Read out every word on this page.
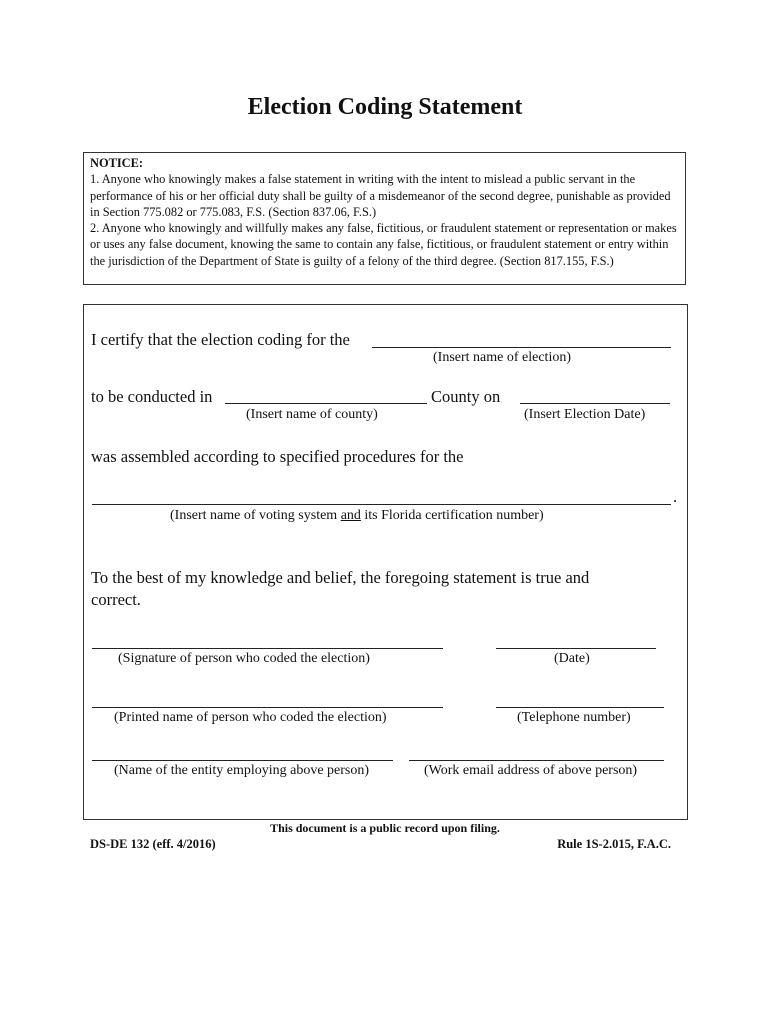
Election Coding Statement
NOTICE:
1. Anyone who knowingly makes a false statement in writing with the intent to mislead a public servant in the performance of his or her official duty shall be guilty of a misdemeanor of the second degree, punishable as provided in Section 775.082 or 775.083, F.S. (Section 837.06, F.S.)
2. Anyone who knowingly and willfully makes any false, fictitious, or fraudulent statement or representation or makes or uses any false document, knowing the same to contain any false, fictitious, or fraudulent statement or entry within the jurisdiction of the Department of State is guilty of a felony of the third degree. (Section 817.155, F.S.)
I certify that the election coding for the
(Insert name of election)
to be conducted in	County on
(Insert name of county)	(Insert Election Date)
was assembled according to specified procedures for the
.
(Insert name of voting system and its Florida certification number)
To the best of my knowledge and belief, the foregoing statement is true and
correct.
(Signature of person who coded the election)	(Date)
(Printed name of person who coded the election)	(Telephone number)
(Name of the entity employing above person)	(Work email address of above person)
This document is a public record upon filing.
DS-DE 132 (eff. 4/2016)	Rule 1S-2.015, F.A.C.
